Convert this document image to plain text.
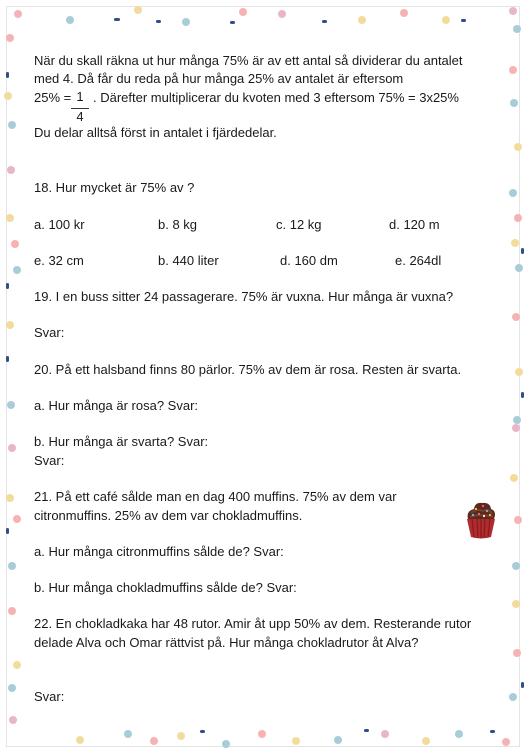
När du skall räkna ut hur många 75% är av ett antal så dividerar du antalet
med 4. Då får du reda på hur många 25% av antalet är eftersom
25% = 1
4
. Därefter multiplicerar du kvoten med 3 eftersom 75% = 3x25%
Du delar alltså först in antalet i fjärdedelar.
18. Hur mycket är 75% av ?
a. 100 kr	b. 8 kg	c. 12 kg	d. 120 m
e. 32 cm	b. 440 liter	d. 160 dm	e. 264dl
19. I en buss sitter 24 passagerare. 75% är vuxna. Hur många är vuxna?
Svar:
20. På ett halsband finns 80 pärlor. 75% av dem är rosa. Resten är svarta.
a. Hur många är rosa? Svar:
b. Hur många är svarta? Svar:
Svar:
21. På ett café sålde man en dag 400 muffins. 75% av dem var
citronmuffins. 25% av dem var chokladmuffins.
a. Hur många citronmuffins sålde de? Svar:
b. Hur många chokladmuffins sålde de? Svar:
22. En chokladkaka har 48 rutor. Amir åt upp 50% av dem. Resterande rutor
delade Alva och Omar rättvist på. Hur många chokladrutor åt Alva?
Svar:
